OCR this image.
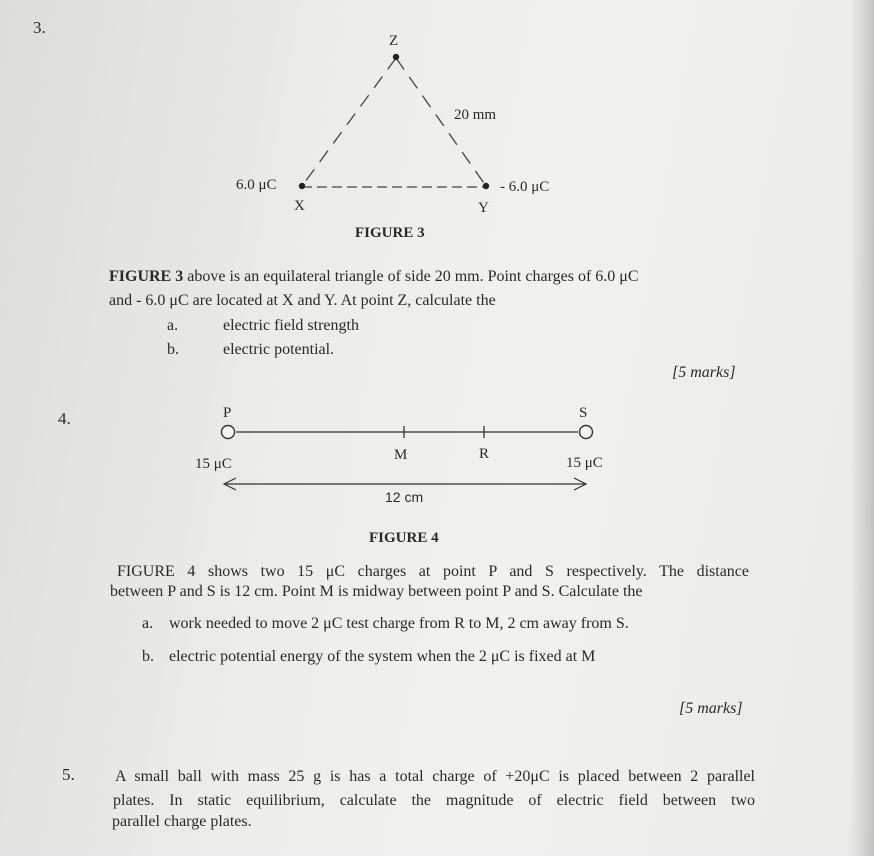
3.
Z
20 mm
6.0 μC	- 6.0 μC
X	Y
FIGURE 3
FIGURE 3 above is an equilateral triangle of side 20 mm. Point charges of 6.0 μC
and - 6.0 μC are located at X and Y. At point Z, calculate the
a.	electric field strength
b.	electric potential.
[5 marks]
4.	P	S
15 μC	15 μC
M	R
12 cm
FIGURE 4
FIGURE 4 shows two 15 μC charges at point P and S respectively. The distance
between P and S is 12 cm. Point M is midway between point P and S. Calculate the
a. work needed to move 2 μC test charge from R to M, 2 cm away from S.
b. electric potential energy of the system when the 2 μC is fixed at M
[5 marks]
5.	A small ball with mass 25 g is has a total charge of +20μC is placed between 2 parallel
plates. In static equilibrium, calculate the magnitude of electric field between two
parallel charge plates.
